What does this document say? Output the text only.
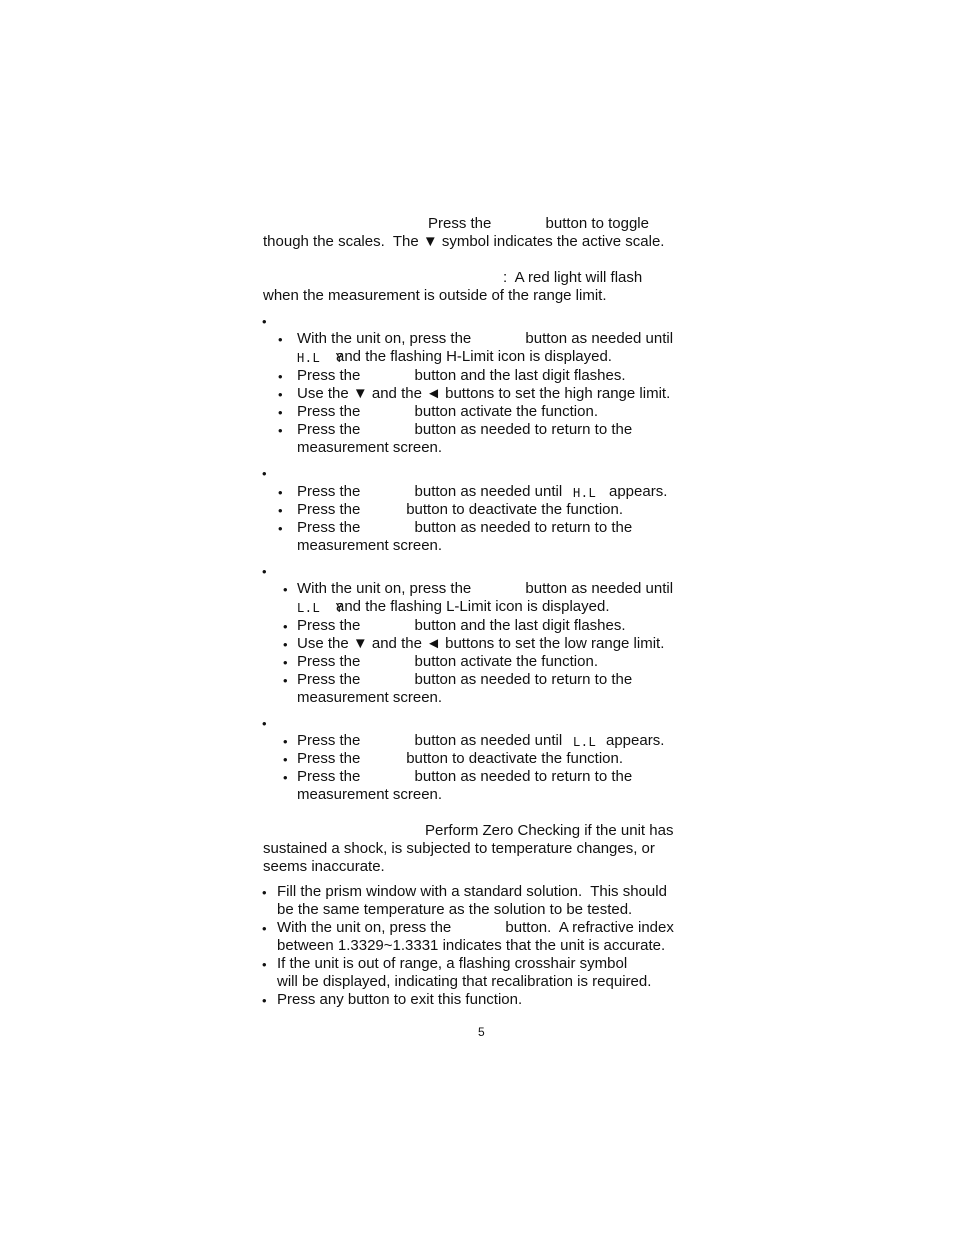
Press the             button to toggle
though the scales.  The ▼ symbol indicates the active scale.
:  A red light will flash
when the measurement is outside of the range limit.
•
• With the unit on, press the             button as needed until
H.L  Y
and the flashing H-Limit icon is displayed.
• Press the             button and the last digit flashes.
• Use the ▼ and the ◄ buttons to set the high range limit.
• Press the             button activate the function.
• Press the             button as needed to return to the
measurement screen.
•
• Press the             button as needed until H.L appears.
• Press the           button to deactivate the function.
• Press the             button as needed to return to the
measurement screen.
•
• With the unit on, press the             button as needed until
L.L  Y
and the flashing L-Limit icon is displayed.
• Press the             button and the last digit flashes.
• Use the ▼ and the ◄ buttons to set the low range limit.
• Press the             button activate the function.
• Press the             button as needed to return to the
measurement screen.
•
• Press the             button as needed until L.L appears.
• Press the           button to deactivate the function.
• Press the             button as needed to return to the
measurement screen.
Perform Zero Checking if the unit has
sustained a shock, is subjected to temperature changes, or
seems inaccurate.
• Fill the prism window with a standard solution.  This should
be the same temperature as the solution to be tested.
• With the unit on, press the             button.  A refractive index
between 1.3329~1.3331 indicates that the unit is accurate.
• If the unit is out of range, a flashing crosshair symbol
will be displayed, indicating that recalibration is required.
• Press any button to exit this function.
5
